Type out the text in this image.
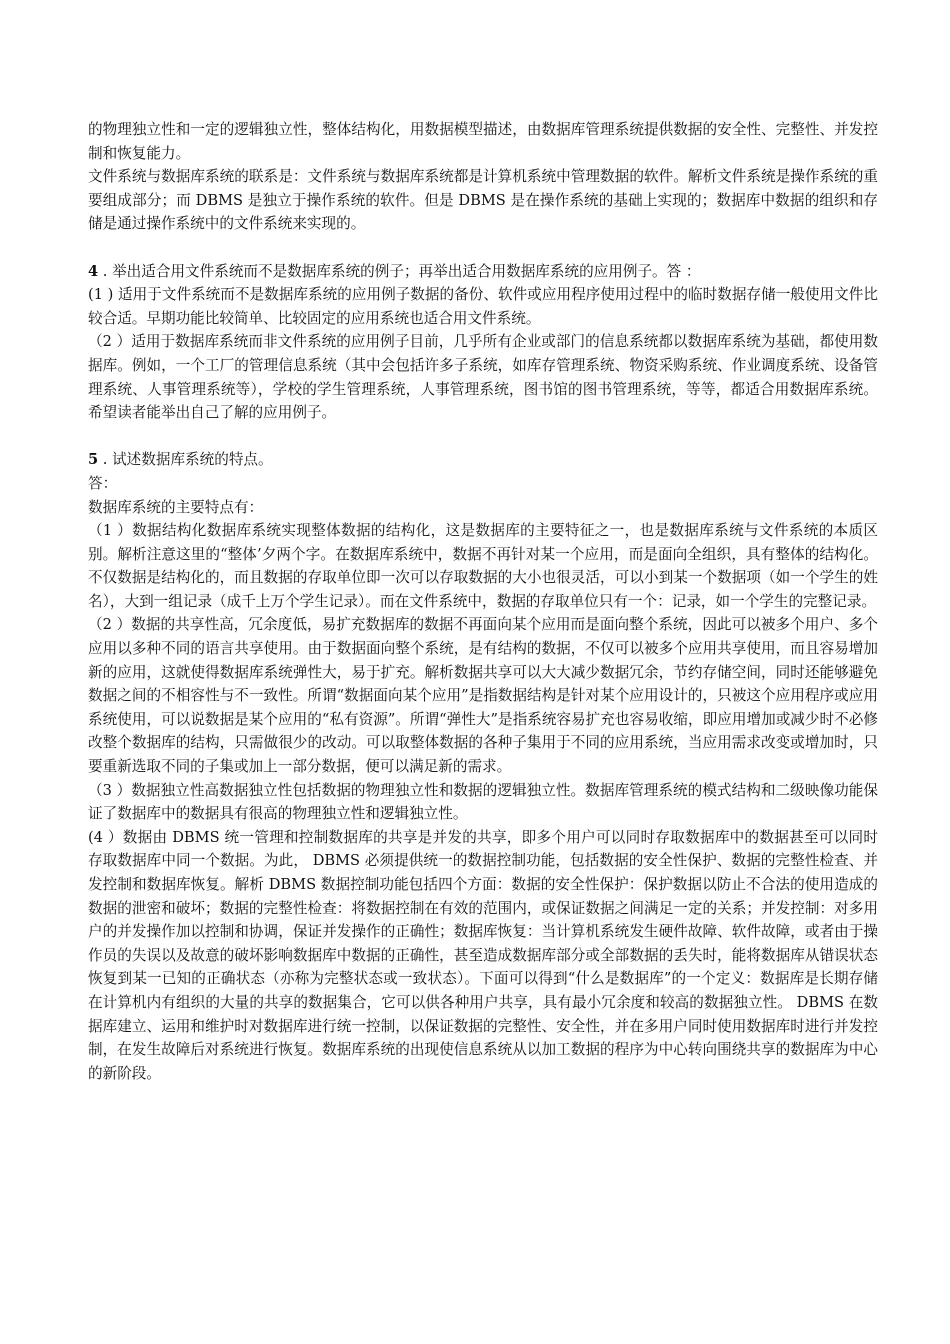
的物理独立性和一定的逻辑独立性，整体结构化，用数据模型描述，由数据库管理系统提供数据的安全性、完整性、并发控制和恢复能力。

文件系统与数据库系统的联系是：文件系统与数据库系统都是计算机系统中管理数据的软件。解析文件系统是操作系统的重要组成部分；而 DBMS 是独立于操作系统的软件。但是 DBMS 是在操作系统的基础上实现的；数据库中数据的组织和存储是通过操作系统中的文件系统来实现的。

4 . 举出适合用文件系统而不是数据库系统的例子；再举出适合用数据库系统的应用例子。答 ：

(1 ) 适用于文件系统而不是数据库系统的应用例子数据的备份、软件或应用程序使用过程中的临时数据存储一般使用文件比较合适。早期功能比较简单、比较固定的应用系统也适合用文件系统。

（2 ）适用于数据库系统而非文件系统的应用例子目前，几乎所有企业或部门的信息系统都以数据库系统为基础，都使用数据库。例如，一个工厂的管理信息系统（其中会包括许多子系统，如库存管理系统、物资采购系统、作业调度系统、设备管理系统、人事管理系统等），学校的学生管理系统，人事管理系统，图书馆的图书管理系统，等等，都适合用数据库系统。希望读者能举出自己了解的应用例子。

5 . 试述数据库系统的特点。

答：

数据库系统的主要特点有：

（1 ）数据结构化数据库系统实现整体数据的结构化，这是数据库的主要特征之一，也是数据库系统与文件系统的本质区别。解析注意这里的“整体’夕两个字。在数据库系统中，数据不再针对某一个应用，而是面向全组织，具有整体的结构化。不仅数据是结构化的，而且数据的存取单位即一次可以存取数据的大小也很灵活，可以小到某一个数据项（如一个学生的姓名），大到一组记录（成千上万个学生记录）。而在文件系统中，数据的存取单位只有一个：记录，如一个学生的完整记录。

（2 ）数据的共享性高，冗余度低，易扩充数据库的数据不再面向某个应用而是面向整个系统，因此可以被多个用户、多个应用以多种不同的语言共享使用。由于数据面向整个系统，是有结构的数据，不仅可以被多个应用共享使用，而且容易增加新的应用，这就使得数据库系统弹性大，易于扩充。解析数据共享可以大大减少数据冗余，节约存储空间，同时还能够避免数据之间的不相容性与不一致性。所谓“数据面向某个应用”是指数据结构是针对某个应用设计的，只被这个应用程序或应用系统使用，可以说数据是某个应用的“私有资源”。所谓“弹性大”是指系统容易扩充也容易收缩，即应用增加或减少时不必修改整个数据库的结构，只需做很少的改动。可以取整体数据的各种子集用于不同的应用系统，当应用需求改变或增加时，只要重新选取不同的子集或加上一部分数据，便可以满足新的需求。

（3 ）数据独立性高数据独立性包括数据的物理独立性和数据的逻辑独立性。数据库管理系统的模式结构和二级映像功能保证了数据库中的数据具有很高的物理独立性和逻辑独立性。

(4 ）数据由 DBMS 统一管理和控制数据库的共享是并发的共享，即多个用户可以同时存取数据库中的数据甚至可以同时存取数据库中同一个数据。为此， DBMS 必须提供统一的数据控制功能，包括数据的安全性保护、数据的完整性检查、并发控制和数据库恢复。解析 DBMS 数据控制功能包括四个方面：数据的安全性保护：保护数据以防止不合法的使用造成的数据的泄密和破坏；数据的完整性检查：将数据控制在有效的范围内，或保证数据之间满足一定的关系；并发控制：对多用户的并发操作加以控制和协调，保证并发操作的正确性；数据库恢复：当计算机系统发生硬件故障、软件故障，或者由于操作员的失误以及故意的破坏影响数据库中数据的正确性，甚至造成数据库部分或全部数据的丢失时，能将数据库从错误状态恢复到某一已知的正确状态（亦称为完整状态或一致状态）。下面可以得到“什么是数据库”的一个定义：数据库是长期存储在计算机内有组织的大量的共享的数据集合，它可以供各种用户共享，具有最小冗余度和较高的数据独立性。 DBMS 在数据库建立、运用和维护时对数据库进行统一控制，以保证数据的完整性、安全性，并在多用户同时使用数据库时进行并发控制，在发生故障后对系统进行恢复。数据库系统的出现使信息系统从以加工数据的程序为中心转向围绕共享的数据库为中心的新阶段。
